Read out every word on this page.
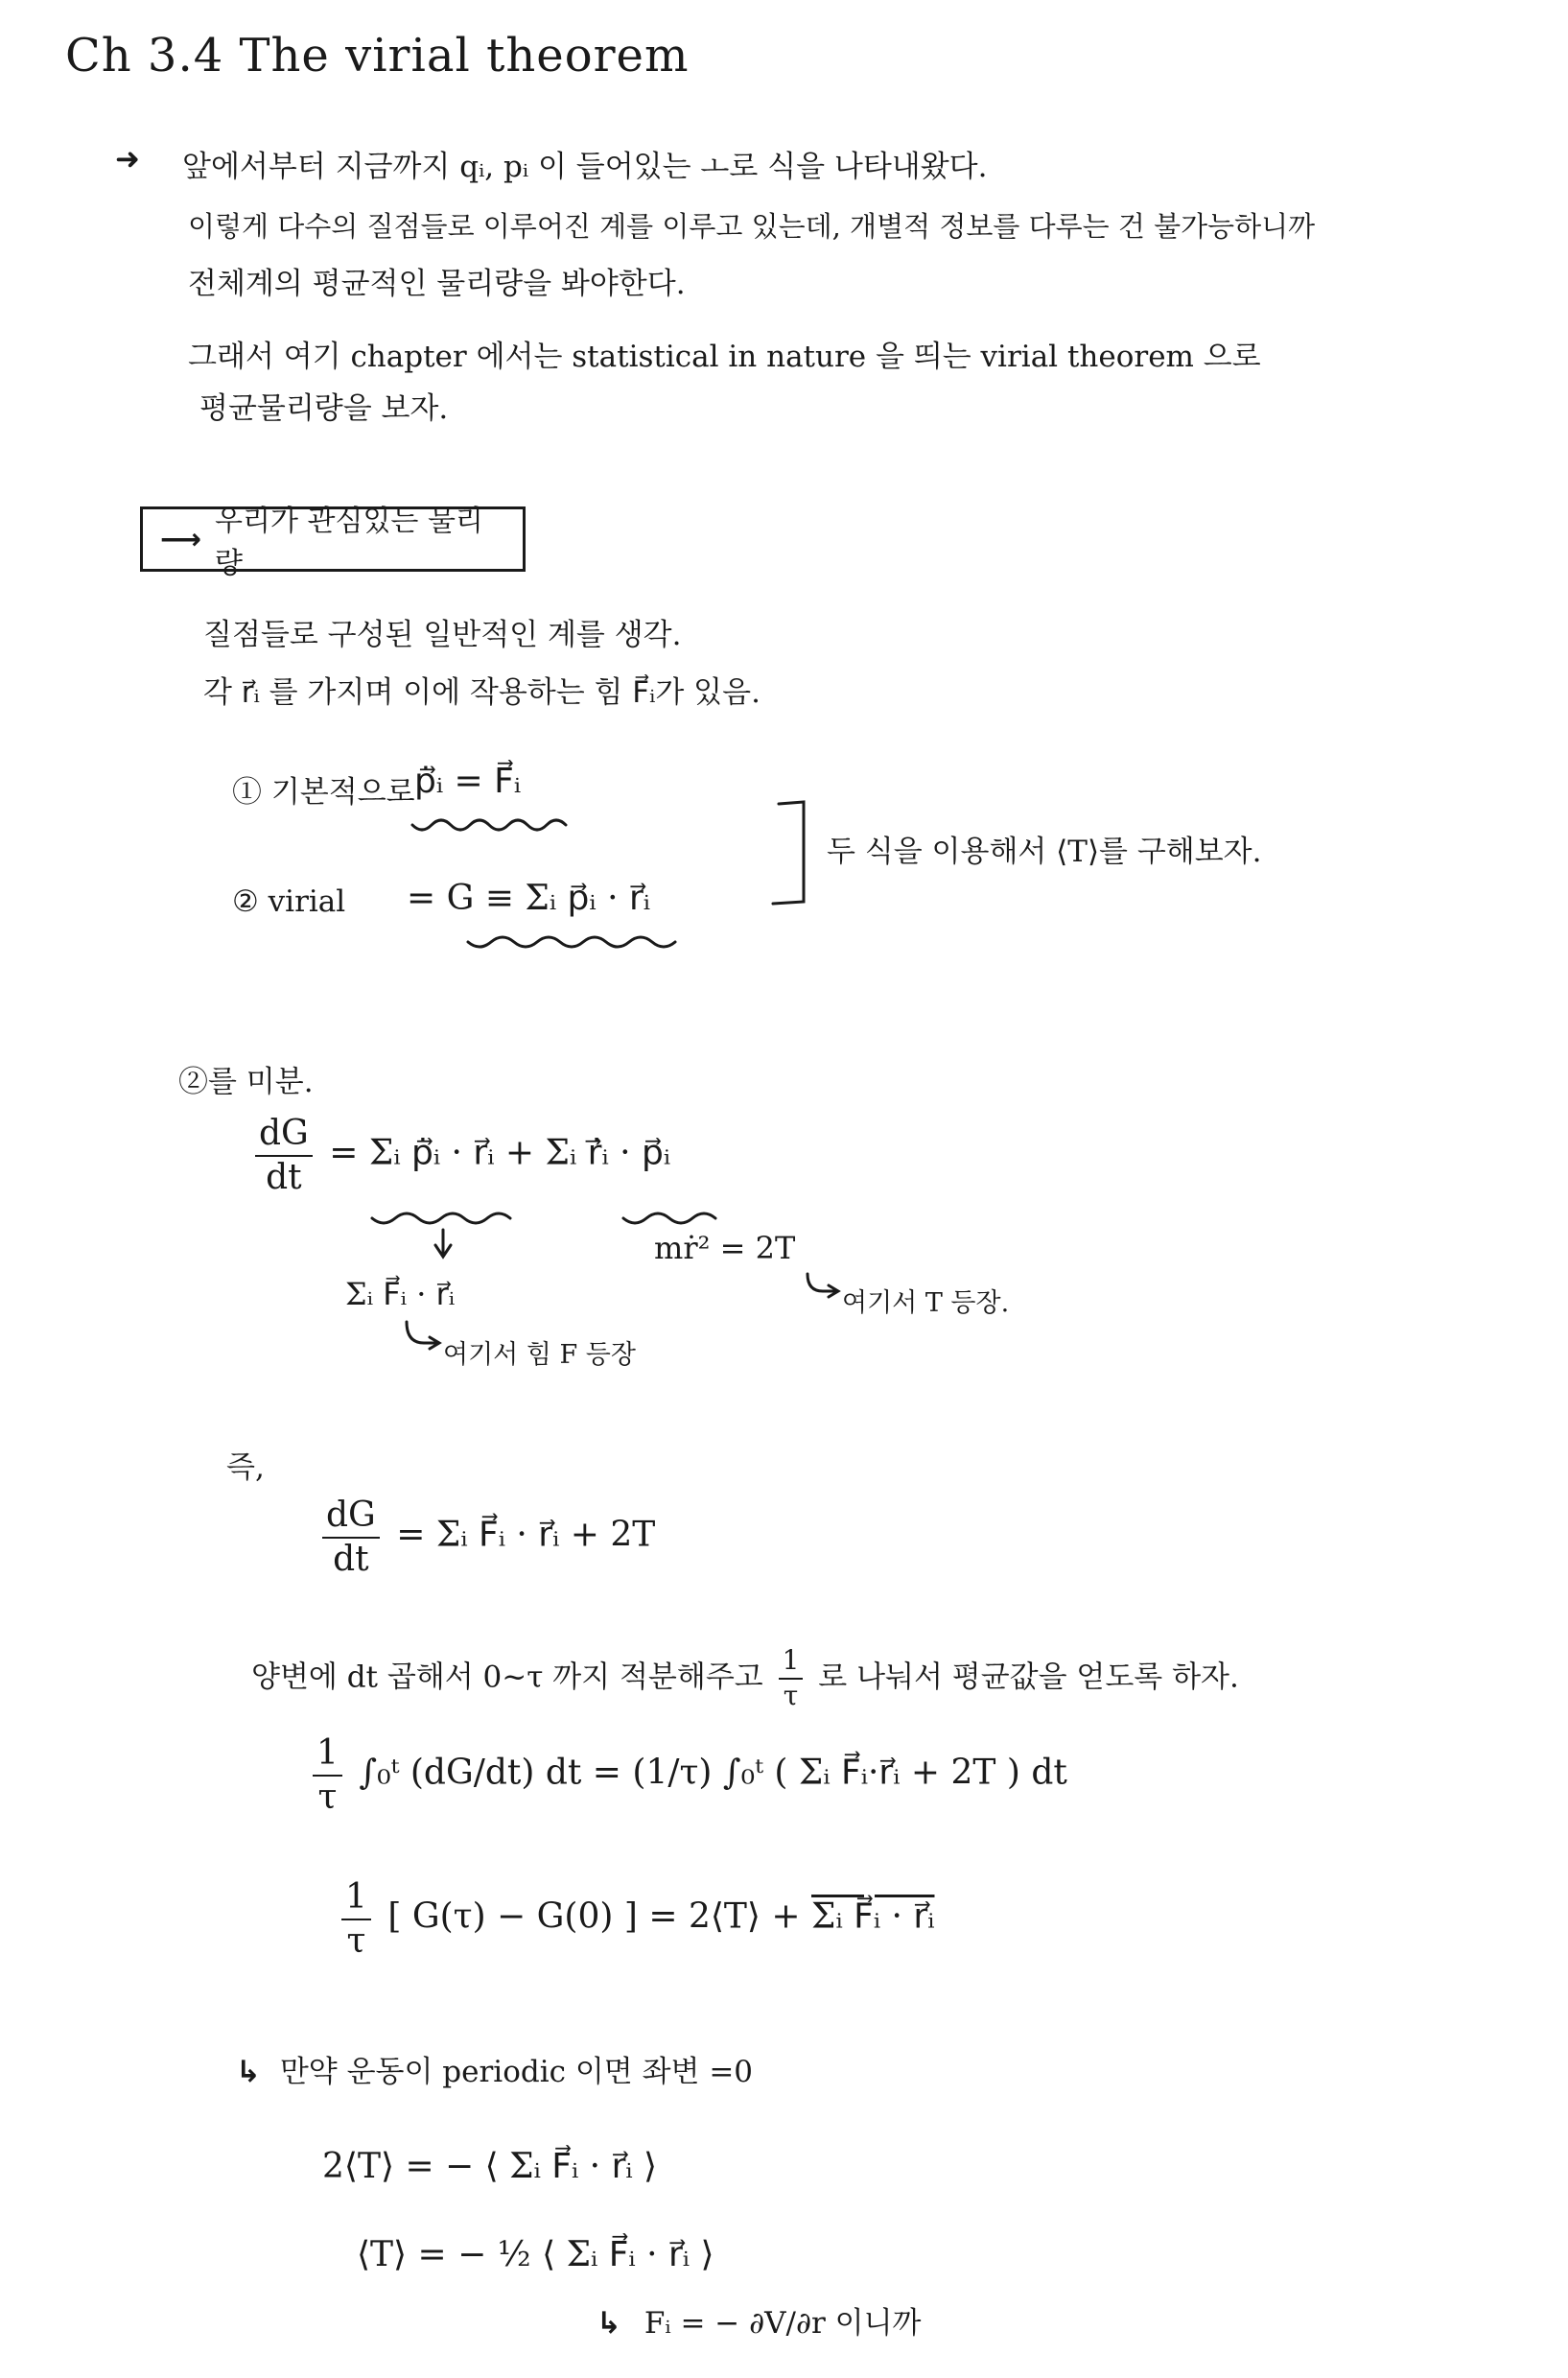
Ch 3.4 The virial theorem
➜ 앞에서부터 지금까지 qᵢ, pᵢ 이 들어있는 ㅗ로 식을 나타내왔다.
이렇게 다수의 질점들로 이루어진 계를 이루고 있는데, 개별적 정보를 다루는 건 불가능하니까
전체계의 평균적인 물리량을 봐야한다.
그래서 여기 chapter 에서는 statistical in nature 을 띄는 virial theorem 으로
평균물리량을 보자.
⟶
우리가 관심있는 물리량
질점들로 구성된 일반적인 계를 생각.
각 r⃗ᵢ 를 가지며 이에 작용하는 힘 F⃗ᵢ가 있음.
① 기본적으로 ṗ⃗ᵢ = F⃗ᵢ
② virial = G ≡ Σᵢ p⃗ᵢ · r⃗ᵢ
두 식을 이용해서 ⟨T⟩를 구해보자.
②를 미분.
$\frac{dG}{dt}$ = Σᵢ ṗ⃗ᵢ · r⃗ᵢ + Σᵢ ṙ⃗ᵢ · p⃗ᵢ
Σᵢ F⃗ᵢ · r⃗ᵢ
여기서 힘 F 등장
mṙ² = 2T
여기서 T 등장.
즉,
$\frac{dG}{dt}$ = Σᵢ F⃗ᵢ · r⃗ᵢ + 2T
양변에 dt 곱해서 0~τ 까지 적분해주고 $\frac{1}{\tau}$ 로 나눠서 평균값을 얻도록 하자.
$\frac{1}{\tau}$ ∫₀ᵗ (dG/dt) dt = (1/τ) ∫₀ᵗ ( Σᵢ F⃗ᵢ·r⃗ᵢ + 2T ) dt
$\frac{1}{\tau}$ [ G(τ) − G(0) ] = 2⟨T⟩ + Σᵢ F⃗ᵢ · r⃗ᵢ
↳ 만약 운동이 periodic 이면 좌변 =0
2⟨T⟩ = − ⟨ Σᵢ F⃗ᵢ · r⃗ᵢ ⟩
⟨T⟩ = − ½ ⟨ Σᵢ F⃗ᵢ · r⃗ᵢ ⟩
↳ Fᵢ = − ∂V/∂r 이니까
